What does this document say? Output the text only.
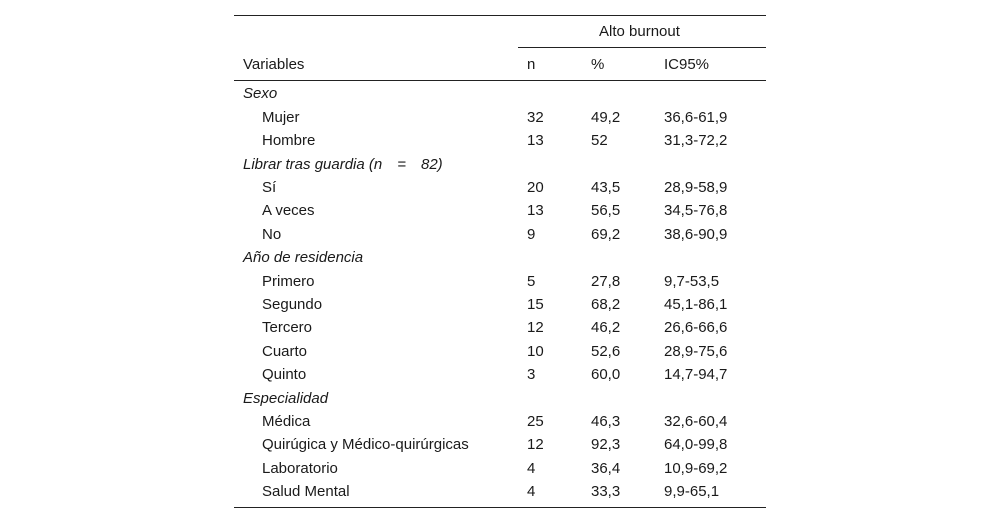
Alto burnout
Variables	n	%	IC95%
Sexo
Mujer	32	49,2	36,6-61,9
Hombre	13	52	31,3-72,2
Librar tras guardia (n  =  82)
Sí	20	43,5	28,9-58,9
A veces	13	56,5	34,5-76,8
No	9	69,2	38,6-90,9
Año de residencia
Primero	5	27,8	9,7-53,5
Segundo	15	68,2	45,1-86,1
Tercero	12	46,2	26,6-66,6
Cuarto	10	52,6	28,9-75,6
Quinto	3	60,0	14,7-94,7
Especialidad
Médica	25	46,3	32,6-60,4
Quirúgica y Médico-quirúrgicas	12	92,3	64,0-99,8
Laboratorio	4	36,4	10,9-69,2
Salud Mental	4	33,3	9,9-65,1
